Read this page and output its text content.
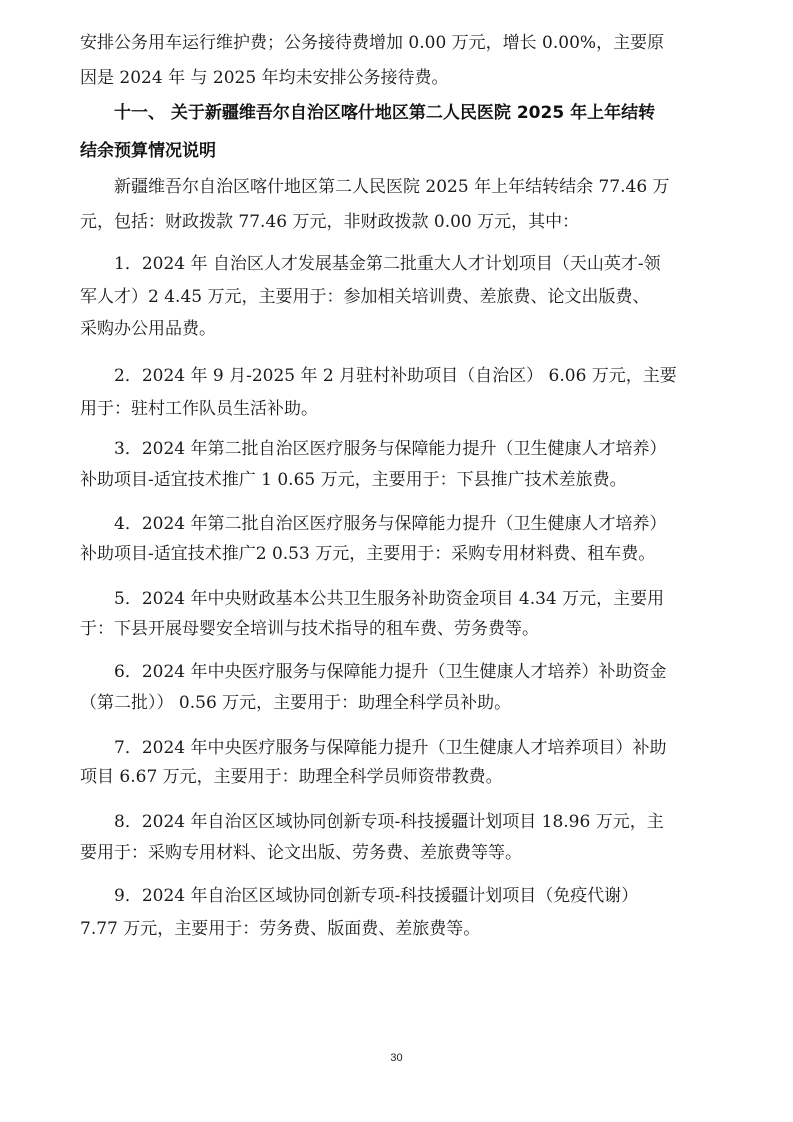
安排公务用车运行维护费；公务接待费增加 0.00 万元，增长 0.00%，主要原
因是 2024 年 与 2025 年均未安排公务接待费。
十一、 关于新疆维吾尔自治区喀什地区第二人民医院 2025 年上年结转
结余预算情况说明
新疆维吾尔自治区喀什地区第二人民医院 2025 年上年结转结余 77.46 万
元，包括：财政拨款 77.46 万元，非财政拨款 0.00 万元，其中：
1．2024 年 自治区人才发展基金第二批重大人才计划项目（天山英才-领
军人才）2 4.45 万元，主要用于：参加相关培训费、差旅费、论文出版费、
采购办公用品费。
2．2024 年 9 月-2025 年 2 月驻村补助项目（自治区） 6.06 万元，主要
用于：驻村工作队员生活补助。
3．2024 年第二批自治区医疗服务与保障能力提升（卫生健康人才培养）
补助项目-适宜技术推广 1 0.65 万元，主要用于：下县推广技术差旅费。
4．2024 年第二批自治区医疗服务与保障能力提升（卫生健康人才培养）
补助项目-适宜技术推广2 0.53 万元，主要用于：采购专用材料费、租车费。
5．2024 年中央财政基本公共卫生服务补助资金项目 4.34 万元，主要用
于：下县开展母婴安全培训与技术指导的租车费、劳务费等。
6．2024 年中央医疗服务与保障能力提升（卫生健康人才培养）补助资金
（第二批）） 0.56 万元，主要用于：助理全科学员补助。
7．2024 年中央医疗服务与保障能力提升（卫生健康人才培养项目）补助
项目 6.67 万元，主要用于：助理全科学员师资带教费。
8．2024 年自治区区域协同创新专项-科技援疆计划项目 18.96 万元，主
要用于：采购专用材料、论文出版、劳务费、差旅费等等。
9．2024 年自治区区域协同创新专项-科技援疆计划项目（免疫代谢）
7.77 万元，主要用于：劳务费、版面费、差旅费等。
30
